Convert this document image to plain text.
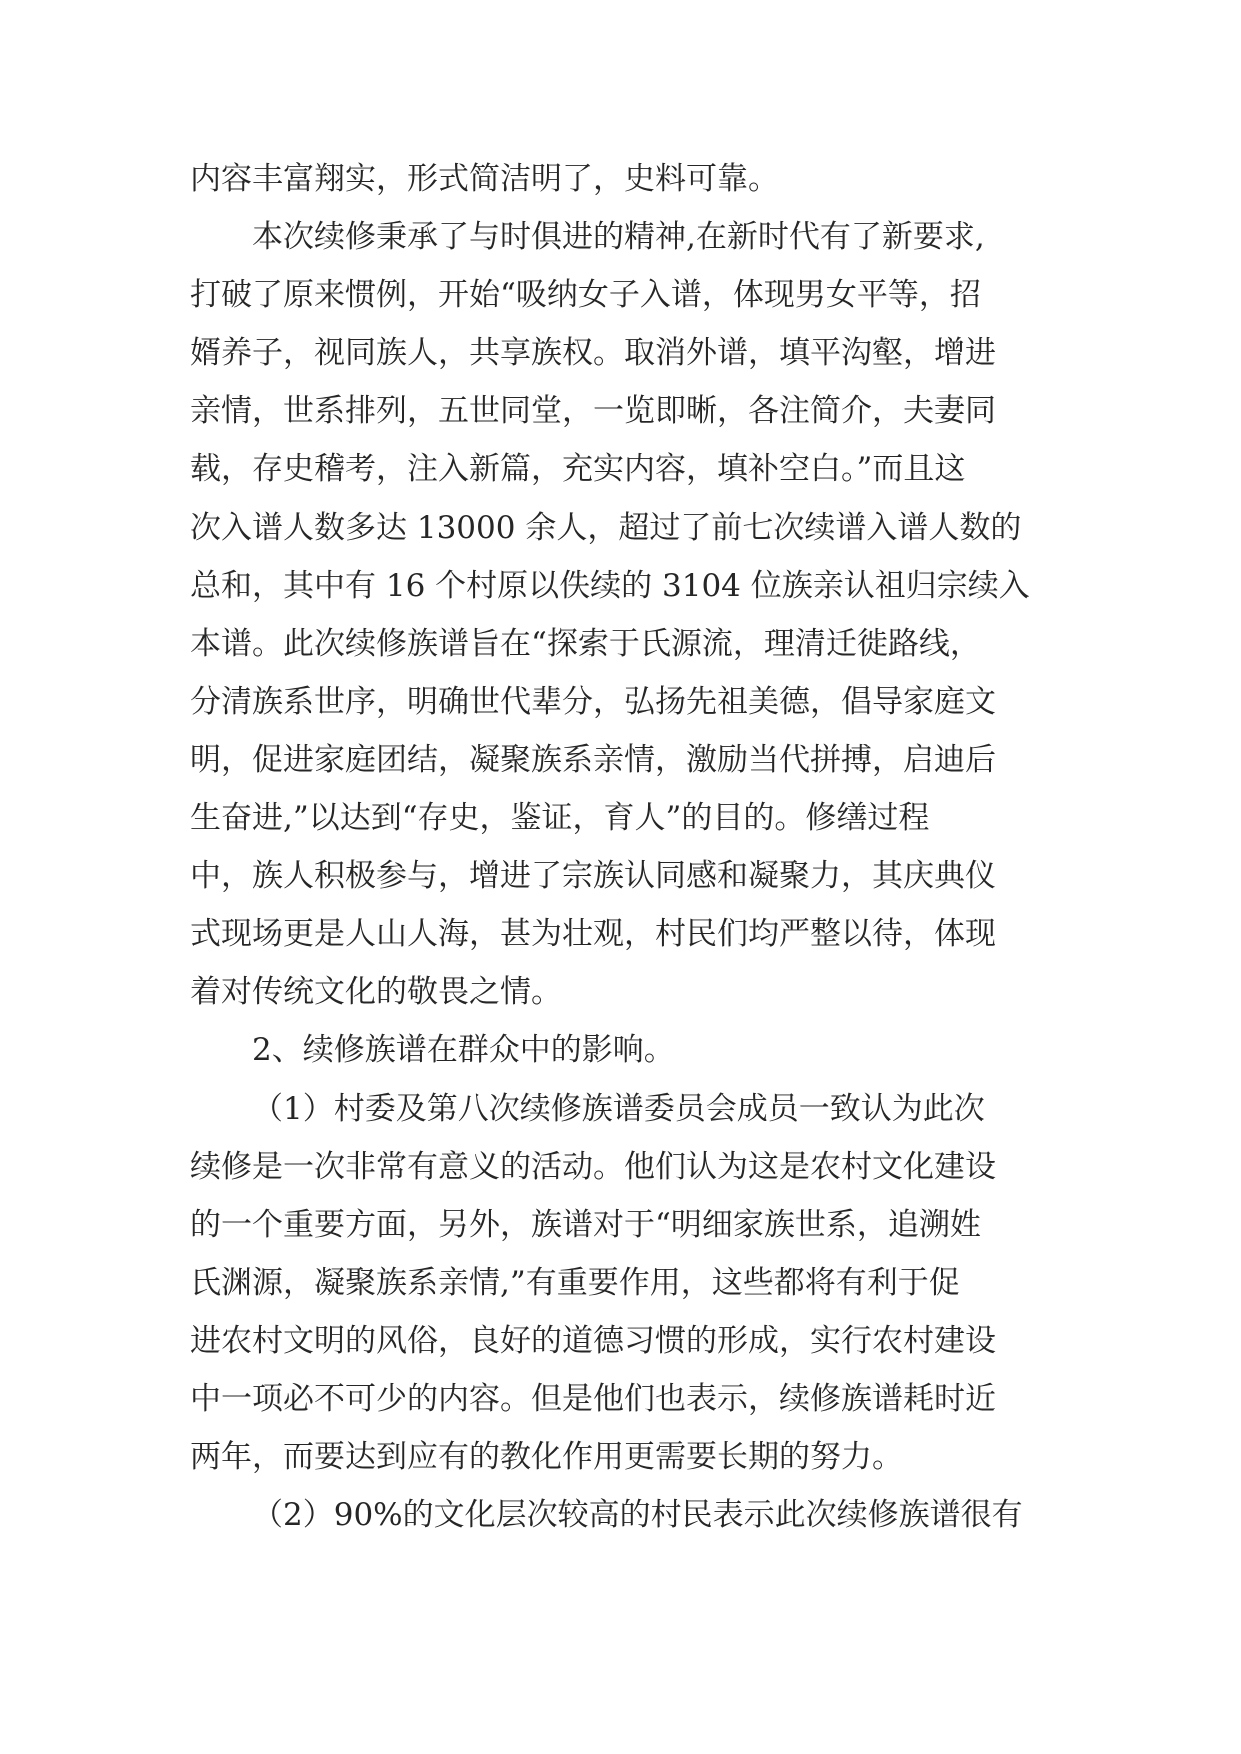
内容丰富翔实，形式简洁明了，史料可靠。
本次续修秉承了与时俱进的精神,在新时代有了新要求,
打破了原来惯例，开始“吸纳女子入谱，体现男女平等，招
婿养子，视同族人，共享族权。取消外谱，填平沟壑，增进
亲情，世系排列，五世同堂，一览即晰，各注简介，夫妻同
载，存史稽考，注入新篇，充实内容，填补空白。”而且这
次入谱人数多达 13000 余人，超过了前七次续谱入谱人数的
总和，其中有 16 个村原以佚续的 3104 位族亲认祖归宗续入
本谱。此次续修族谱旨在“探索于氏源流，理清迁徙路线，
分清族系世序，明确世代辈分，弘扬先祖美德，倡导家庭文
明，促进家庭团结，凝聚族系亲情，激励当代拼搏，启迪后
生奋进,”以达到“存史，鉴证，育人”的目的。修缮过程
中，族人积极参与，增进了宗族认同感和凝聚力，其庆典仪
式现场更是人山人海，甚为壮观，村民们均严整以待，体现
着对传统文化的敬畏之情。
2、续修族谱在群众中的影响。
（1）村委及第八次续修族谱委员会成员一致认为此次
续修是一次非常有意义的活动。他们认为这是农村文化建设
的一个重要方面，另外，族谱对于“明细家族世系，追溯姓
氏渊源，凝聚族系亲情,”有重要作用，这些都将有利于促
进农村文明的风俗，良好的道德习惯的形成，实行农村建设
中一项必不可少的内容。但是他们也表示，续修族谱耗时近
两年，而要达到应有的教化作用更需要长期的努力。
（2）90%的文化层次较高的村民表示此次续修族谱很有
